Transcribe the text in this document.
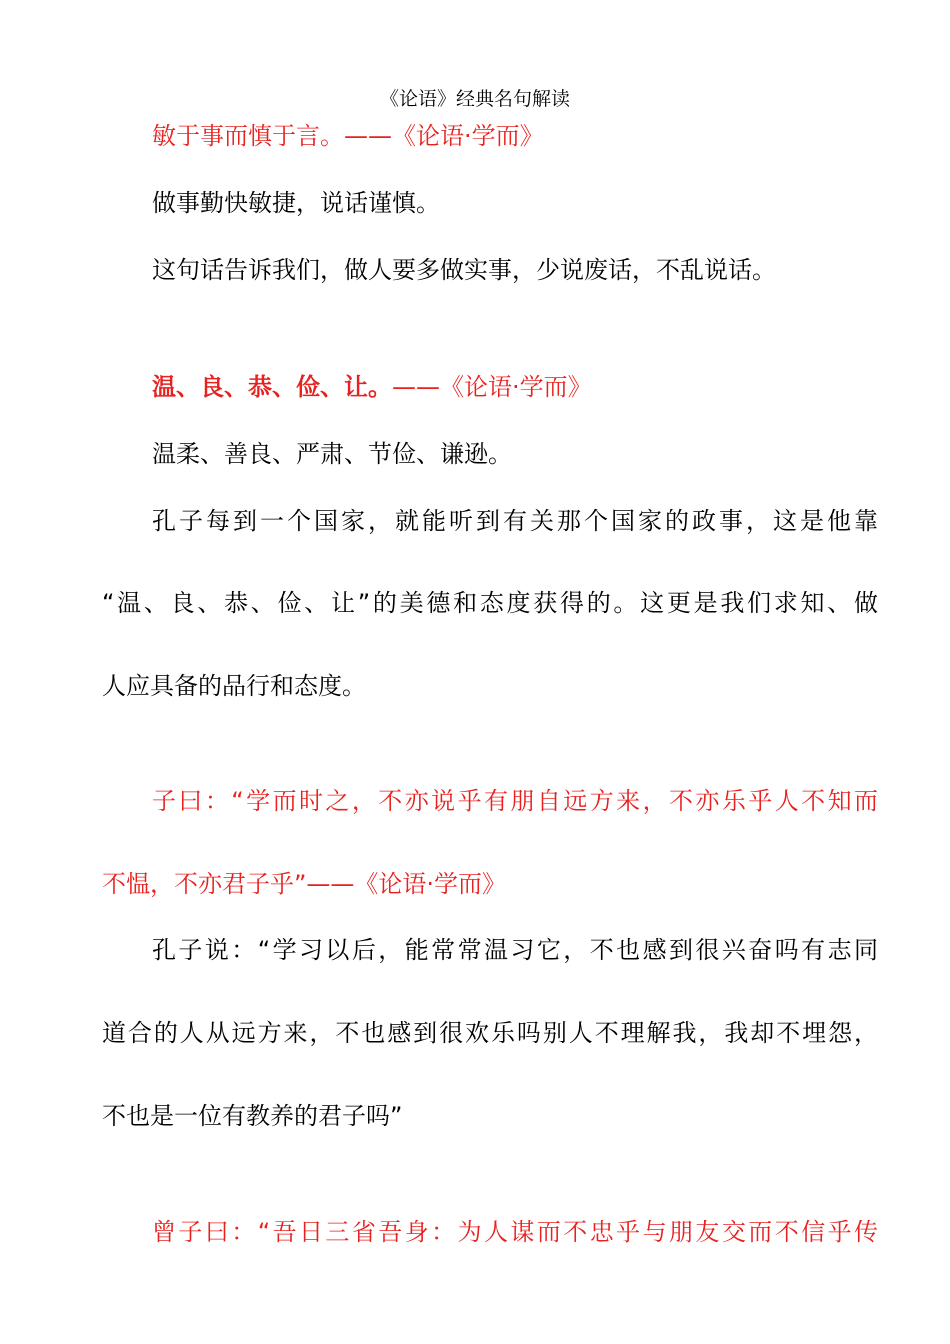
《论语》经典名句解读
敏于事而慎于言。——《论语·学而》
做事勤快敏捷，说话谨慎。
这句话告诉我们，做人要多做实事，少说废话，不乱说话。
温、良、恭、俭、让。——《论语·学而》
温柔、善良、严肃、节俭、谦逊。
孔子每到一个国家，就能听到有关那个国家的政事，这是他靠
“温、良、恭、俭、让”的美德和态度获得的。这更是我们求知、做
人应具备的品行和态度。
子曰：“学而时之，不亦说乎有朋自远方来，不亦乐乎人不知而
不愠，不亦君子乎”——《论语·学而》
孔子说：“学习以后，能常常温习它，不也感到很兴奋吗有志同
道合的人从远方来，不也感到很欢乐吗别人不理解我，我却不埋怨，
不也是一位有教养的君子吗”
曾子曰：“吾日三省吾身：为人谋而不忠乎与朋友交而不信乎传
